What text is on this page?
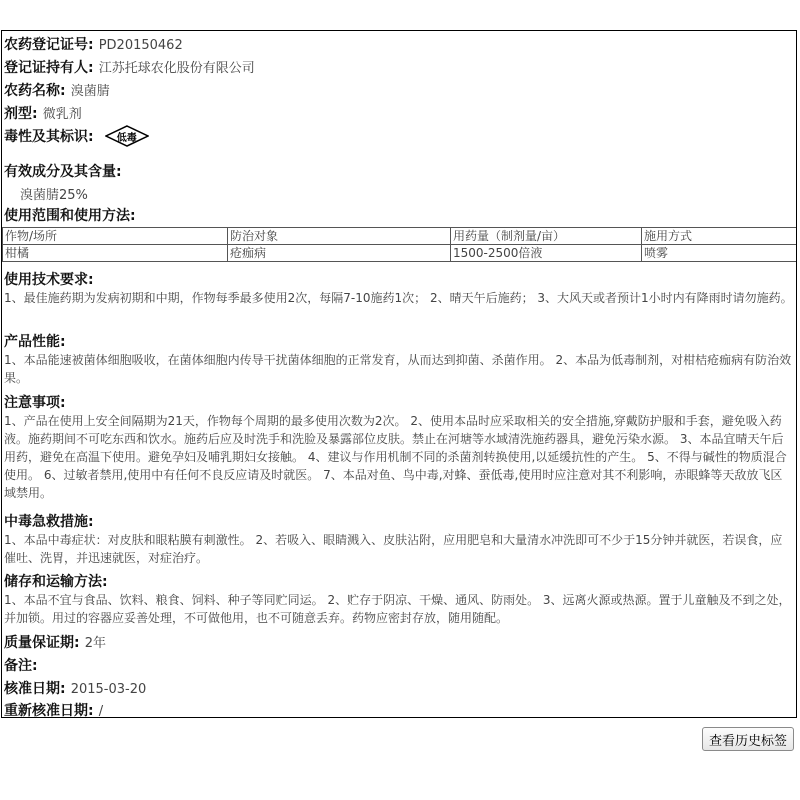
农药登记证号: PD20150462
登记证持有人: 江苏托球农化股份有限公司
农药名称: 溴菌腈
剂型: 微乳剂
毒性及其标识:	低毒
有效成分及其含量:
溴菌腈25%
使用范围和使用方法:
作物/场所	防治对象	用药量（制剂量/亩）	施用方式
柑橘	疮痂病	1500-2500倍液	喷雾
使用技术要求:
1、最佳施药期为发病初期和中期，作物每季最多使用2次，每隔7-10施药1次； 2、晴天午后施药； 3、大风天或者预计1小时内有降雨时请勿施药。
产品性能:
1、本品能速被菌体细胞吸收，在菌体细胞内传导干扰菌体细胞的正常发育，从而达到抑菌、杀菌作用。 2、本品为低毒制剂，对柑桔疮痂病有防治效果。
注意事项:
1、产品在使用上安全间隔期为21天，作物每个周期的最多使用次数为2次。 2、使用本品时应采取相关的安全措施,穿戴防护服和手套，避免吸入药液。施药期间不可吃东西和饮水。施药后应及时洗手和洗脸及暴露部位皮肤。禁止在河塘等水域清洗施药器具，避免污染水源。 3、本品宜晴天午后用药，避免在高温下使用。避免孕妇及哺乳期妇女接触。 4、建议与作用机制不同的杀菌剂转换使用,以延缓抗性的产生。 5、不得与碱性的物质混合使用。 6、过敏者禁用,使用中有任何不良反应请及时就医。 7、本品对鱼、鸟中毒,对蜂、蚕低毒,使用时应注意对其不利影响，赤眼蜂等天敌放飞区域禁用。
中毒急救措施:
1、本品中毒症状：对皮肤和眼粘膜有刺激性。 2、若吸入、眼睛溅入、皮肤沾附，应用肥皂和大量清水冲洗即可不少于15分钟并就医，若误食，应催吐、洗胃，并迅速就医，对症治疗。
储存和运输方法:
1、本品不宜与食品、饮料、粮食、饲料、种子等同贮同运。 2、贮存于阴凉、干燥、通风、防雨处。 3、远离火源或热源。置于儿童触及不到之处，并加锁。用过的容器应妥善处理，不可做他用，也不可随意丢弃。药物应密封存放，随用随配。
质量保证期: 2年
备注:
核准日期: 2015-03-20
重新核准日期: /
查看历史标签
